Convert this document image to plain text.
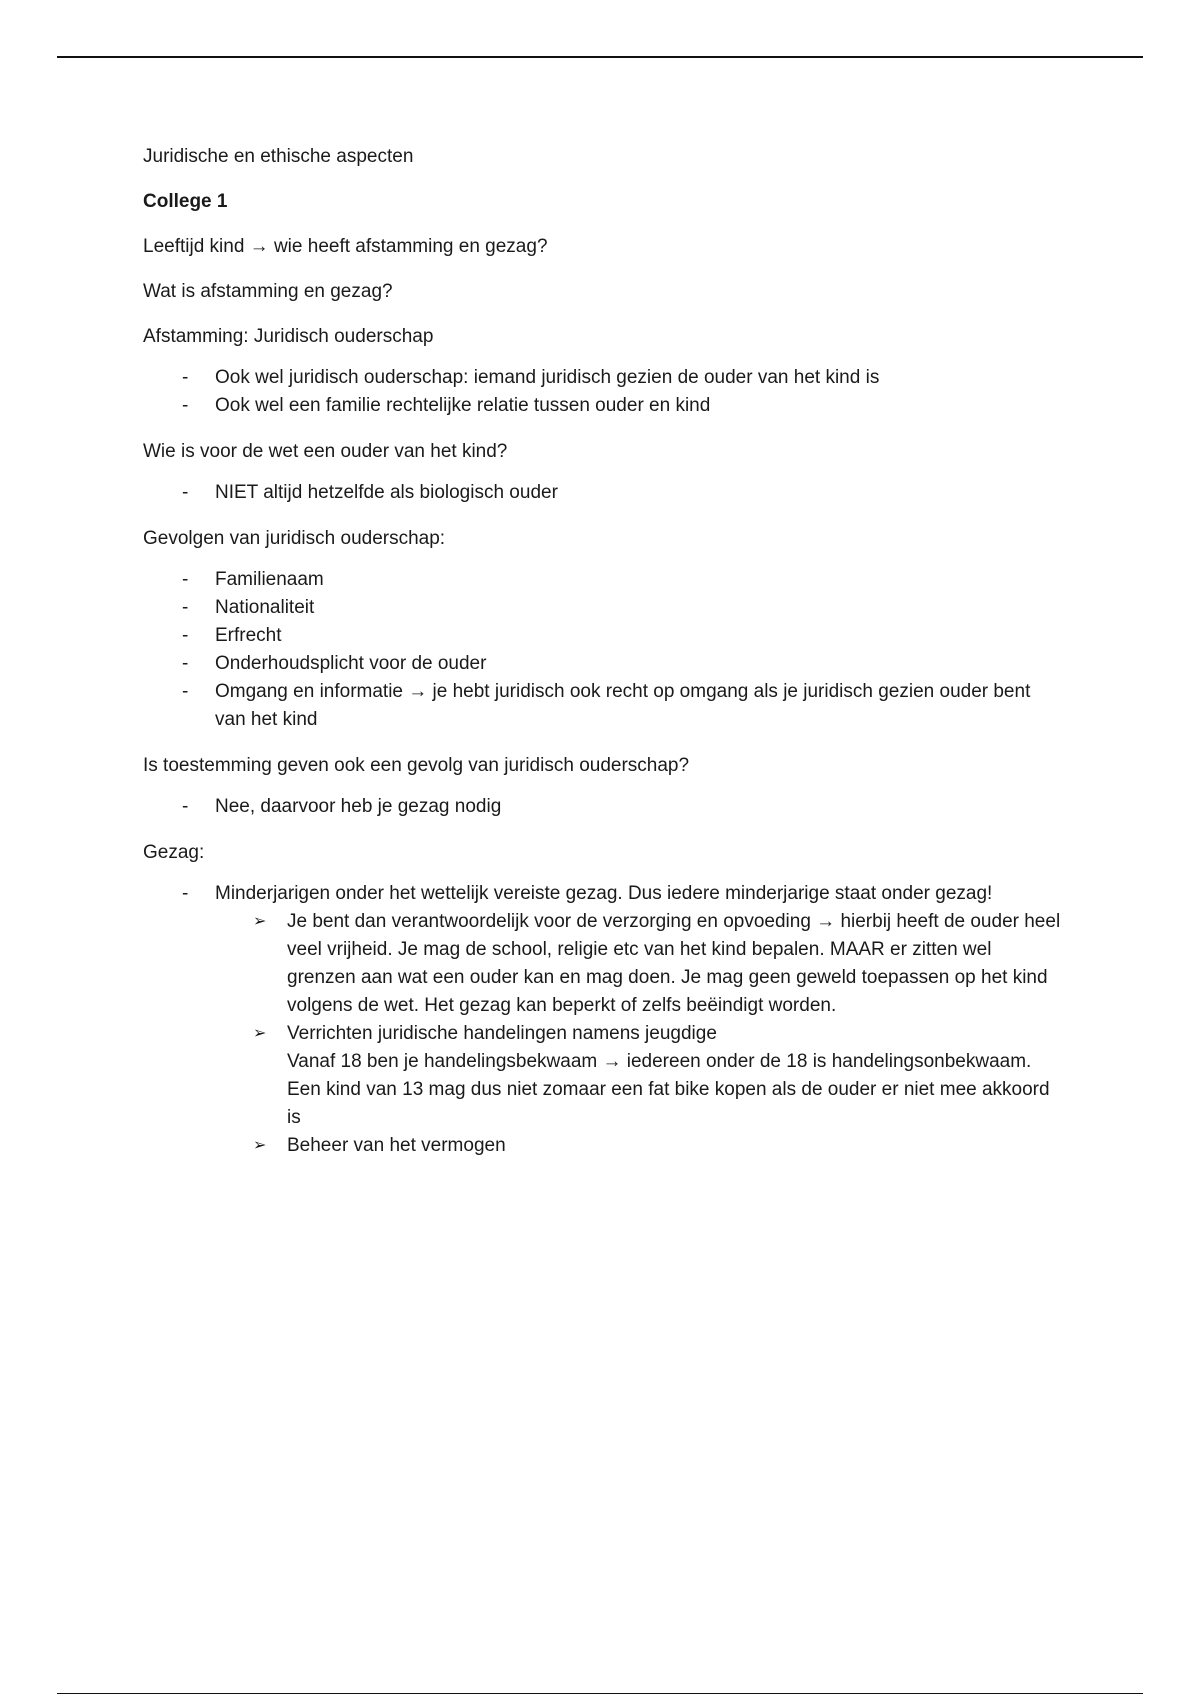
Juridische en ethische aspecten

College 1

Leeftijd kind → wie heeft afstamming en gezag?

Wat is afstamming en gezag?

Afstamming: Juridisch ouderschap

- Ook wel juridisch ouderschap: iemand juridisch gezien de ouder van het kind is
- Ook wel een familie rechtelijke relatie tussen ouder en kind

Wie is voor de wet een ouder van het kind?

- NIET altijd hetzelfde als biologisch ouder

Gevolgen van juridisch ouderschap:

- Familienaam
- Nationaliteit
- Erfrecht
- Onderhoudsplicht voor de ouder
- Omgang en informatie → je hebt juridisch ook recht op omgang als je juridisch gezien ouder bent van het kind

Is toestemming geven ook een gevolg van juridisch ouderschap?

- Nee, daarvoor heb je gezag nodig

Gezag:

- Minderjarigen onder het wettelijk vereiste gezag. Dus iedere minderjarige staat onder gezag!
➢ Je bent dan verantwoordelijk voor de verzorging en opvoeding → hierbij heeft de ouder heel veel vrijheid. Je mag de school, religie etc van het kind bepalen. MAAR er zitten wel grenzen aan wat een ouder kan en mag doen. Je mag geen geweld toepassen op het kind volgens de wet. Het gezag kan beperkt of zelfs beëindigt worden.
➢ Verrichten juridische handelingen namens jeugdige
Vanaf 18 ben je handelingsbekwaam → iedereen onder de 18 is handelingsonbekwaam.
Een kind van 13 mag dus niet zomaar een fat bike kopen als de ouder er niet mee akkoord is
➢ Beheer van het vermogen
